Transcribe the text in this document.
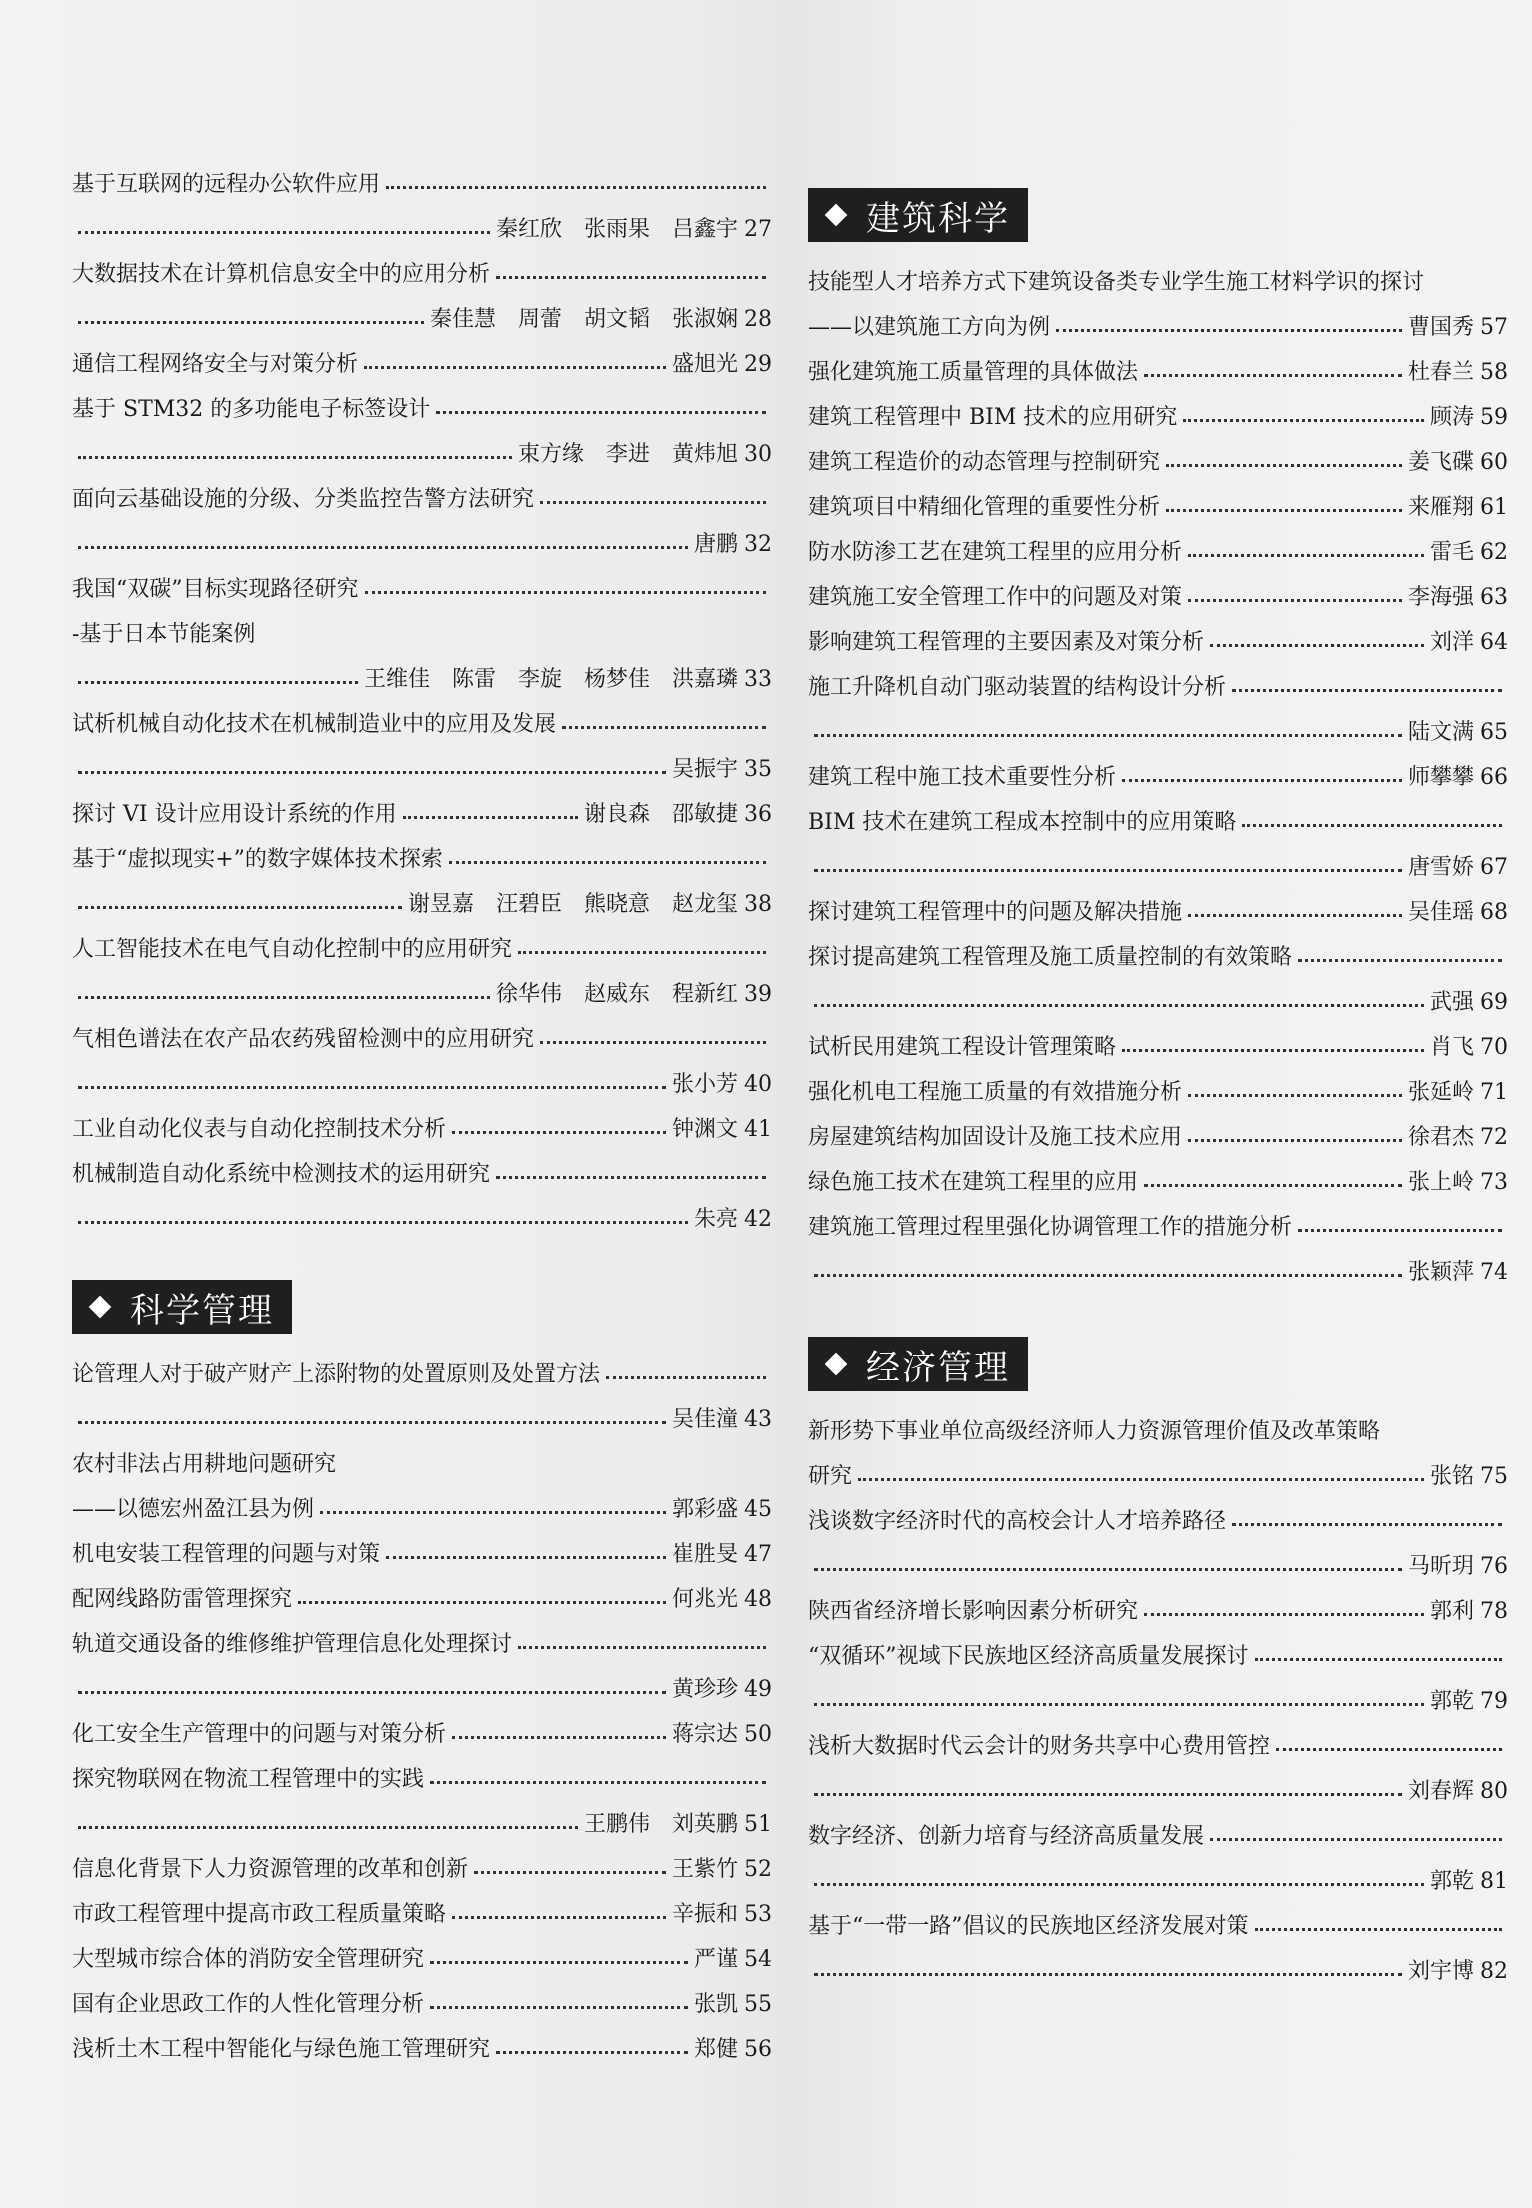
基于互联网的远程办公软件应用
秦红欣　张雨果　吕鑫宇 27
大数据技术在计算机信息安全中的应用分析
秦佳慧　周蕾　胡文韬　张淑娴 28
通信工程网络安全与对策分析	盛旭光 29
基于 STM32 的多功能电子标签设计
束方缘　李进　黄炜旭 30
面向云基础设施的分级、分类监控告警方法研究
唐鹏 32
我国“双碳”目标实现路径研究
-基于日本节能案例
王维佳　陈雷　李旋　杨梦佳　洪嘉璘 33
试析机械自动化技术在机械制造业中的应用及发展
吴振宇 35
探讨 VI 设计应用设计系统的作用	谢良森　邵敏捷 36
基于“虚拟现实+”的数字媒体技术探索
谢昱嘉　汪碧臣　熊晓意　赵龙玺 38
人工智能技术在电气自动化控制中的应用研究
徐华伟　赵威东　程新红 39
气相色谱法在农产品农药残留检测中的应用研究
张小芳 40
工业自动化仪表与自动化控制技术分析	钟渊文 41
机械制造自动化系统中检测技术的运用研究
朱亮 42
科学管理
论管理人对于破产财产上添附物的处置原则及处置方法
吴佳潼 43
农村非法占用耕地问题研究
——以德宏州盈江县为例	郭彩盛 45
机电安装工程管理的问题与对策	崔胜旻 47
配网线路防雷管理探究	何兆光 48
轨道交通设备的维修维护管理信息化处理探讨
黄珍珍 49
化工安全生产管理中的问题与对策分析	蒋宗达 50
探究物联网在物流工程管理中的实践
王鹏伟　刘英鹏 51
信息化背景下人力资源管理的改革和创新	王紫竹 52
市政工程管理中提高市政工程质量策略	辛振和 53
大型城市综合体的消防安全管理研究	严谨 54
国有企业思政工作的人性化管理分析	张凯 55
浅析土木工程中智能化与绿色施工管理研究	郑健 56
建筑科学
技能型人才培养方式下建筑设备类专业学生施工材料学识的探讨
——以建筑施工方向为例	曹国秀 57
强化建筑施工质量管理的具体做法	杜春兰 58
建筑工程管理中 BIM 技术的应用研究	顾涛 59
建筑工程造价的动态管理与控制研究	姜飞碟 60
建筑项目中精细化管理的重要性分析	来雁翔 61
防水防渗工艺在建筑工程里的应用分析	雷毛 62
建筑施工安全管理工作中的问题及对策	李海强 63
影响建筑工程管理的主要因素及对策分析	刘洋 64
施工升降机自动门驱动装置的结构设计分析
陆文满 65
建筑工程中施工技术重要性分析	师攀攀 66
BIM 技术在建筑工程成本控制中的应用策略
唐雪娇 67
探讨建筑工程管理中的问题及解决措施	吴佳瑶 68
探讨提高建筑工程管理及施工质量控制的有效策略
武强 69
试析民用建筑工程设计管理策略	肖飞 70
强化机电工程施工质量的有效措施分析	张延岭 71
房屋建筑结构加固设计及施工技术应用	徐君杰 72
绿色施工技术在建筑工程里的应用	张上岭 73
建筑施工管理过程里强化协调管理工作的措施分析
张颖萍 74
经济管理
新形势下事业单位高级经济师人力资源管理价值及改革策略
研究	张铭 75
浅谈数字经济时代的高校会计人才培养路径
马昕玥 76
陕西省经济增长影响因素分析研究	郭利 78
“双循环”视域下民族地区经济高质量发展探讨
郭乾 79
浅析大数据时代云会计的财务共享中心费用管控
刘春辉 80
数字经济、创新力培育与经济高质量发展
郭乾 81
基于“一带一路”倡议的民族地区经济发展对策
刘宇博 82
